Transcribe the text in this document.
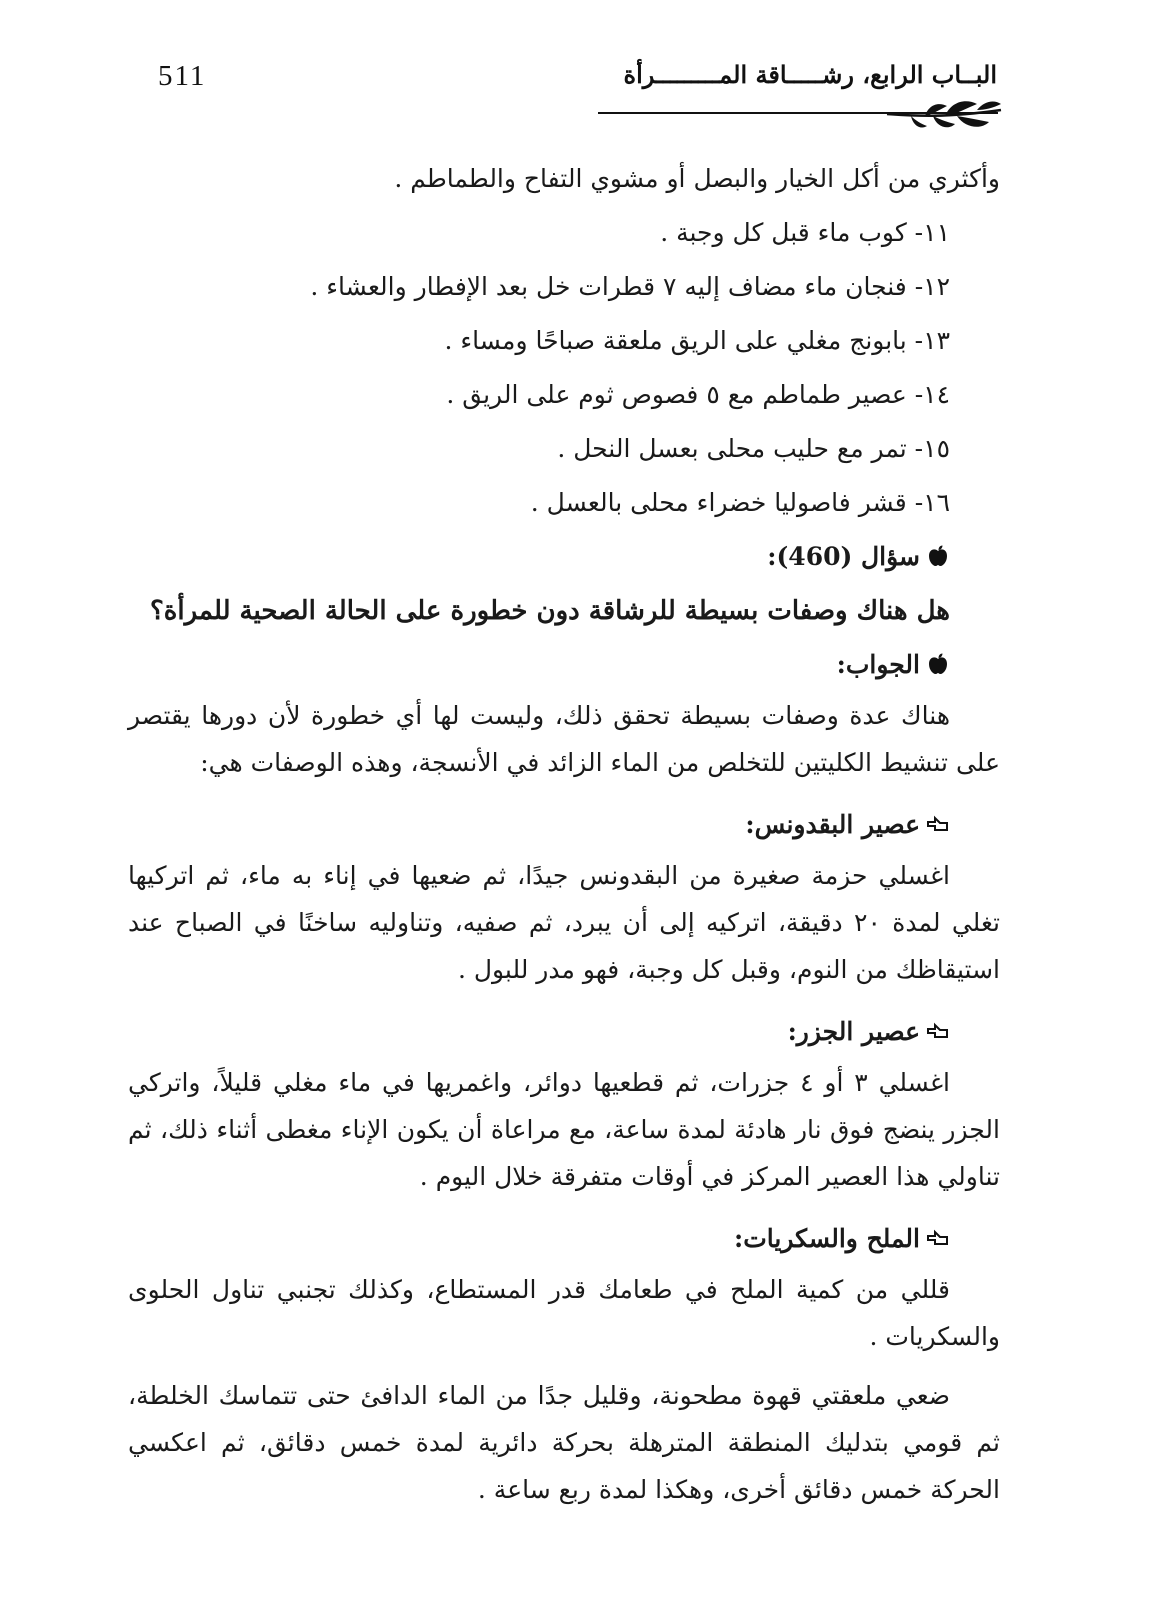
511	البــاب الرابع، رشـــــاقة المـــــــــرأة

وأكثري من أكل الخيار والبصل أو مشوي التفاح والطماطم .

١١- كوب ماء قبل كل وجبة .

١٢- فنجان ماء مضاف إليه ٧ قطرات خل بعد الإفطار والعشاء .

١٣- بابونج مغلي على الريق ملعقة صباحًا ومساء .

١٤- عصير طماطم مع ٥ فصوص ثوم على الريق .

١٥- تمر مع حليب محلى بعسل النحل .

١٦- قشر فاصوليا خضراء محلى بالعسل .

سؤال (460):

هل هناك وصفات بسيطة للرشاقة دون خطورة على الحالة الصحية للمرأة؟

الجواب:

هناك عدة وصفات بسيطة تحقق ذلك، وليست لها أي خطورة لأن دورها يقتصر على تنشيط الكليتين للتخلص من الماء الزائد في الأنسجة، وهذه الوصفات هي:

عصير البقدونس:

اغسلي حزمة صغيرة من البقدونس جيدًا، ثم ضعيها في إناء به ماء، ثم اتركيها تغلي لمدة ٢٠ دقيقة، اتركيه إلى أن يبرد، ثم صفيه، وتناوليه ساخنًا في الصباح عند استيقاظك من النوم، وقبل كل وجبة، فهو مدر للبول .

عصير الجزر:

اغسلي ٣ أو ٤ جزرات، ثم قطعيها دوائر، واغمريها في ماء مغلي قليلاً، واتركي الجزر ينضج فوق نار هادئة لمدة ساعة، مع مراعاة أن يكون الإناء مغطى أثناء ذلك، ثم تناولي هذا العصير المركز في أوقات متفرقة خلال اليوم .

الملح والسكريات:

قللي من كمية الملح في طعامك قدر المستطاع، وكذلك تجنبي تناول الحلوى والسكريات .

ضعي ملعقتي قهوة مطحونة، وقليل جدًا من الماء الدافئ حتى تتماسك الخلطة، ثم قومي بتدليك المنطقة المترهلة بحركة دائرية لمدة خمس دقائق، ثم اعكسي الحركة خمس دقائق أخرى، وهكذا لمدة ربع ساعة .
